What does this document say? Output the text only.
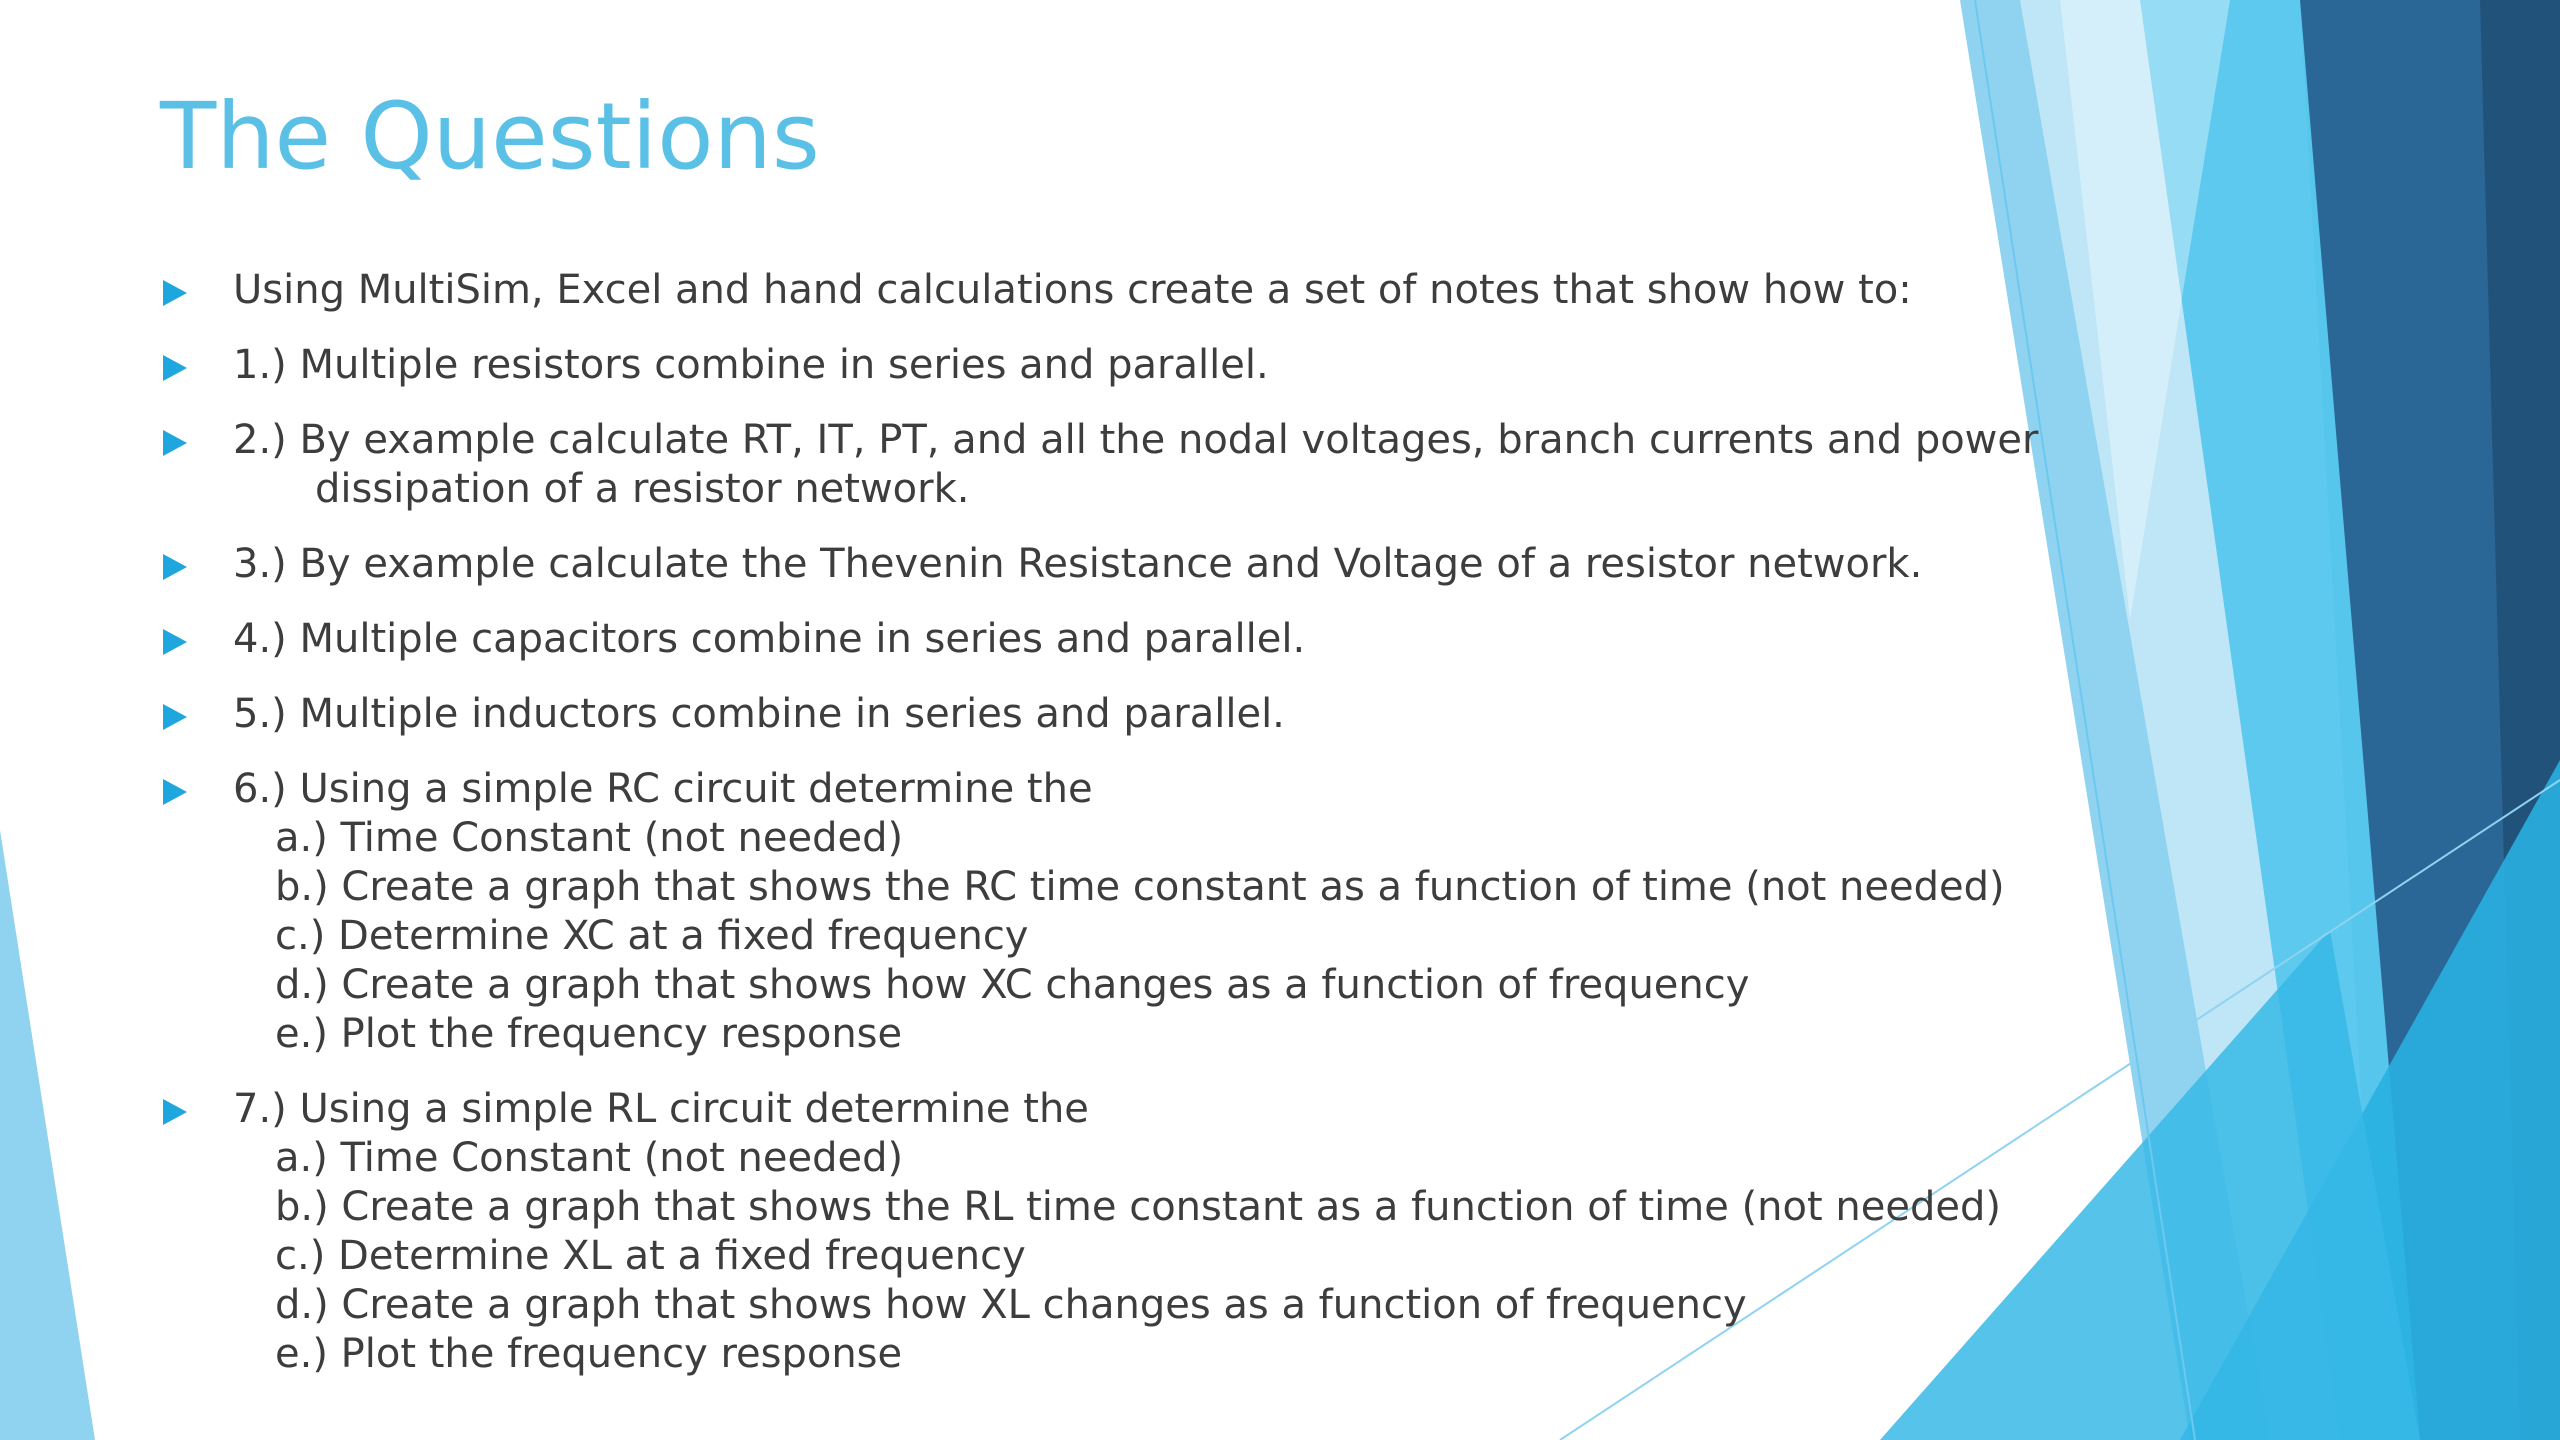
The Questions
Using MultiSim, Excel and hand calculations create a set of notes that show how to:
1.) Multiple resistors combine in series and parallel.
2.) By example calculate RT, IT, PT, and all the nodal voltages, branch currents and power
dissipation of a resistor network.
3.) By example calculate the Thevenin Resistance and Voltage of a resistor network.
4.) Multiple capacitors combine in series and parallel.
5.) Multiple inductors combine in series and parallel.
6.) Using a simple RC circuit determine the
a.) Time Constant (not needed)
b.) Create a graph that shows the RC time constant as a function of time (not needed)
c.) Determine XC at a fixed frequency
d.) Create a graph that shows how XC changes as a function of frequency
e.) Plot the frequency response
7.) Using a simple RL circuit determine the
a.) Time Constant (not needed)
b.) Create a graph that shows the RL time constant as a function of time (not needed)
c.) Determine XL at a fixed frequency
d.) Create a graph that shows how XL changes as a function of frequency
e.) Plot the frequency response
